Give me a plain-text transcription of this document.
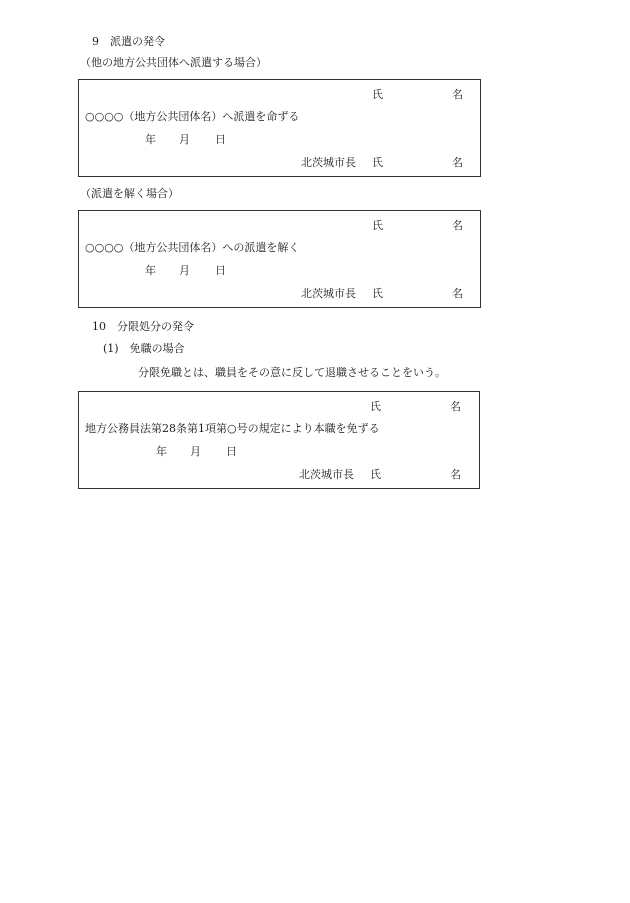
9　派遣の発令
（他の地方公共団体へ派遣する場合）
氏	名
○○○○（地方公共団体名）へ派遣を命ずる
年 月 日
北茨城市長 氏	名
（派遣を解く場合）
氏	名
○○○○（地方公共団体名）への派遣を解く
年 月 日
北茨城市長 氏	名
10　分限処分の発令
(1)　免職の場合
分限免職とは、職員をその意に反して退職させることをいう。
氏	名
地方公務員法第28条第1項第○号の規定により本職を免ずる
年 月 日
北茨城市長 氏	名
